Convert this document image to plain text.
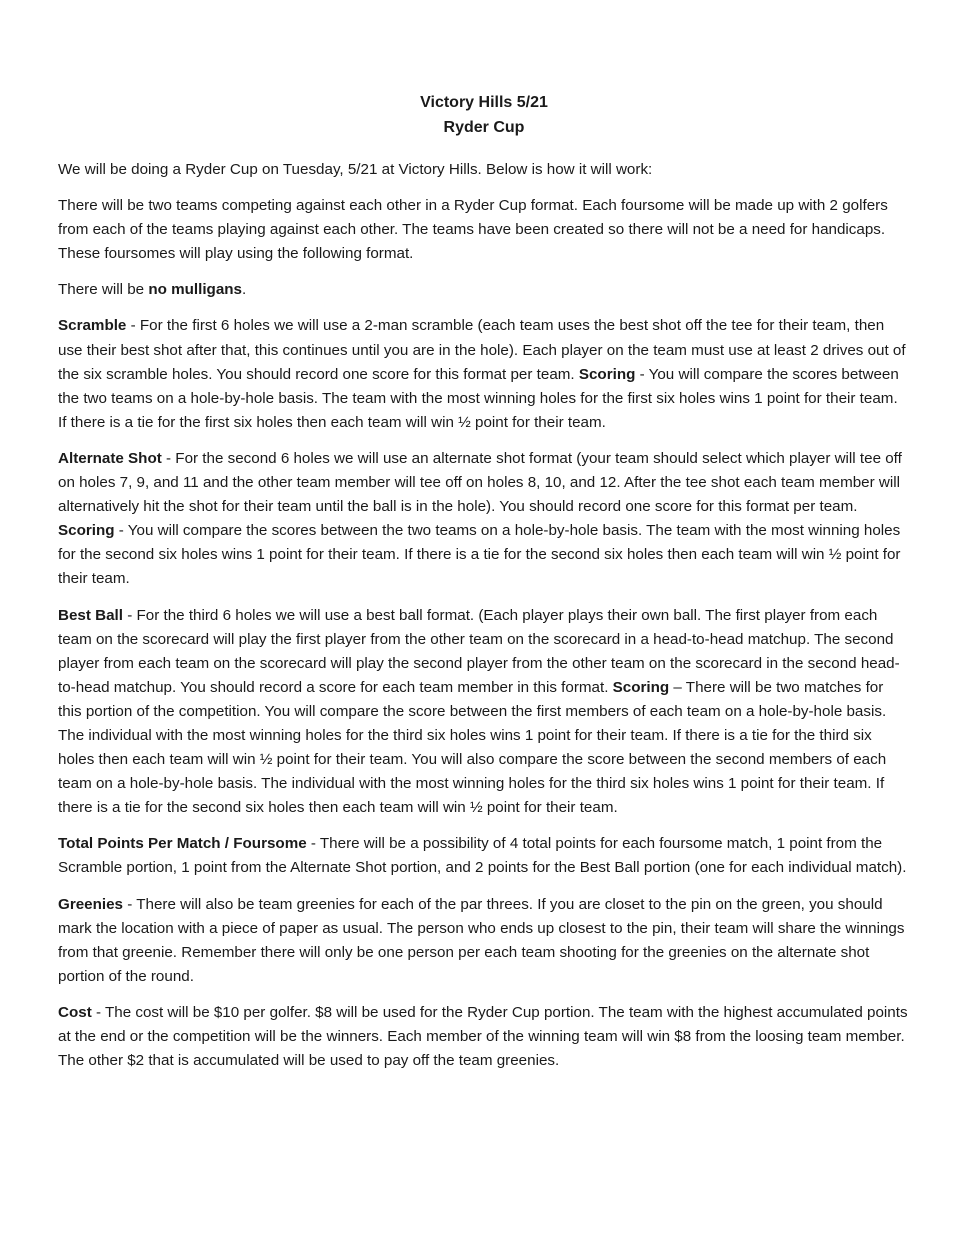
Victory Hills 5/21
Ryder Cup

We will be doing a Ryder Cup on Tuesday, 5/21 at Victory Hills. Below is how it will work:

There will be two teams competing against each other in a Ryder Cup format. Each foursome will be made up with 2 golfers from each of the teams playing against each other. The teams have been created so there will not be a need for handicaps. These foursomes will play using the following format.

There will be no mulligans.

Scramble - For the first 6 holes we will use a 2-man scramble (each team uses the best shot off the tee for their team, then use their best shot after that, this continues until you are in the hole). Each player on the team must use at least 2 drives out of the six scramble holes. You should record one score for this format per team. Scoring - You will compare the scores between the two teams on a hole-by-hole basis. The team with the most winning holes for the first six holes wins 1 point for their team. If there is a tie for the first six holes then each team will win ½ point for their team.

Alternate Shot - For the second 6 holes we will use an alternate shot format (your team should select which player will tee off on holes 7, 9, and 11 and the other team member will tee off on holes 8, 10, and 12. After the tee shot each team member will alternatively hit the shot for their team until the ball is in the hole). You should record one score for this format per team. Scoring - You will compare the scores between the two teams on a hole-by-hole basis. The team with the most winning holes for the second six holes wins 1 point for their team. If there is a tie for the second six holes then each team will win ½ point for their team.

Best Ball - For the third 6 holes we will use a best ball format. (Each player plays their own ball. The first player from each team on the scorecard will play the first player from the other team on the scorecard in a head-to-head matchup. The second player from each team on the scorecard will play the second player from the other team on the scorecard in the second head-to-head matchup. You should record a score for each team member in this format. Scoring – There will be two matches for this portion of the competition. You will compare the score between the first members of each team on a hole-by-hole basis. The individual with the most winning holes for the third six holes wins 1 point for their team. If there is a tie for the third six holes then each team will win ½ point for their team. You will also compare the score between the second members of each team on a hole-by-hole basis. The individual with the most winning holes for the third six holes wins 1 point for their team. If there is a tie for the second six holes then each team will win ½ point for their team.

Total Points Per Match / Foursome - There will be a possibility of 4 total points for each foursome match, 1 point from the Scramble portion, 1 point from the Alternate Shot portion, and 2 points for the Best Ball portion (one for each individual match).

Greenies - There will also be team greenies for each of the par threes. If you are closet to the pin on the green, you should mark the location with a piece of paper as usual. The person who ends up closest to the pin, their team will share the winnings from that greenie. Remember there will only be one person per each team shooting for the greenies on the alternate shot portion of the round.

Cost - The cost will be $10 per golfer. $8 will be used for the Ryder Cup portion. The team with the highest accumulated points at the end or the competition will be the winners. Each member of the winning team will win $8 from the loosing team member. The other $2 that is accumulated will be used to pay off the team greenies.
